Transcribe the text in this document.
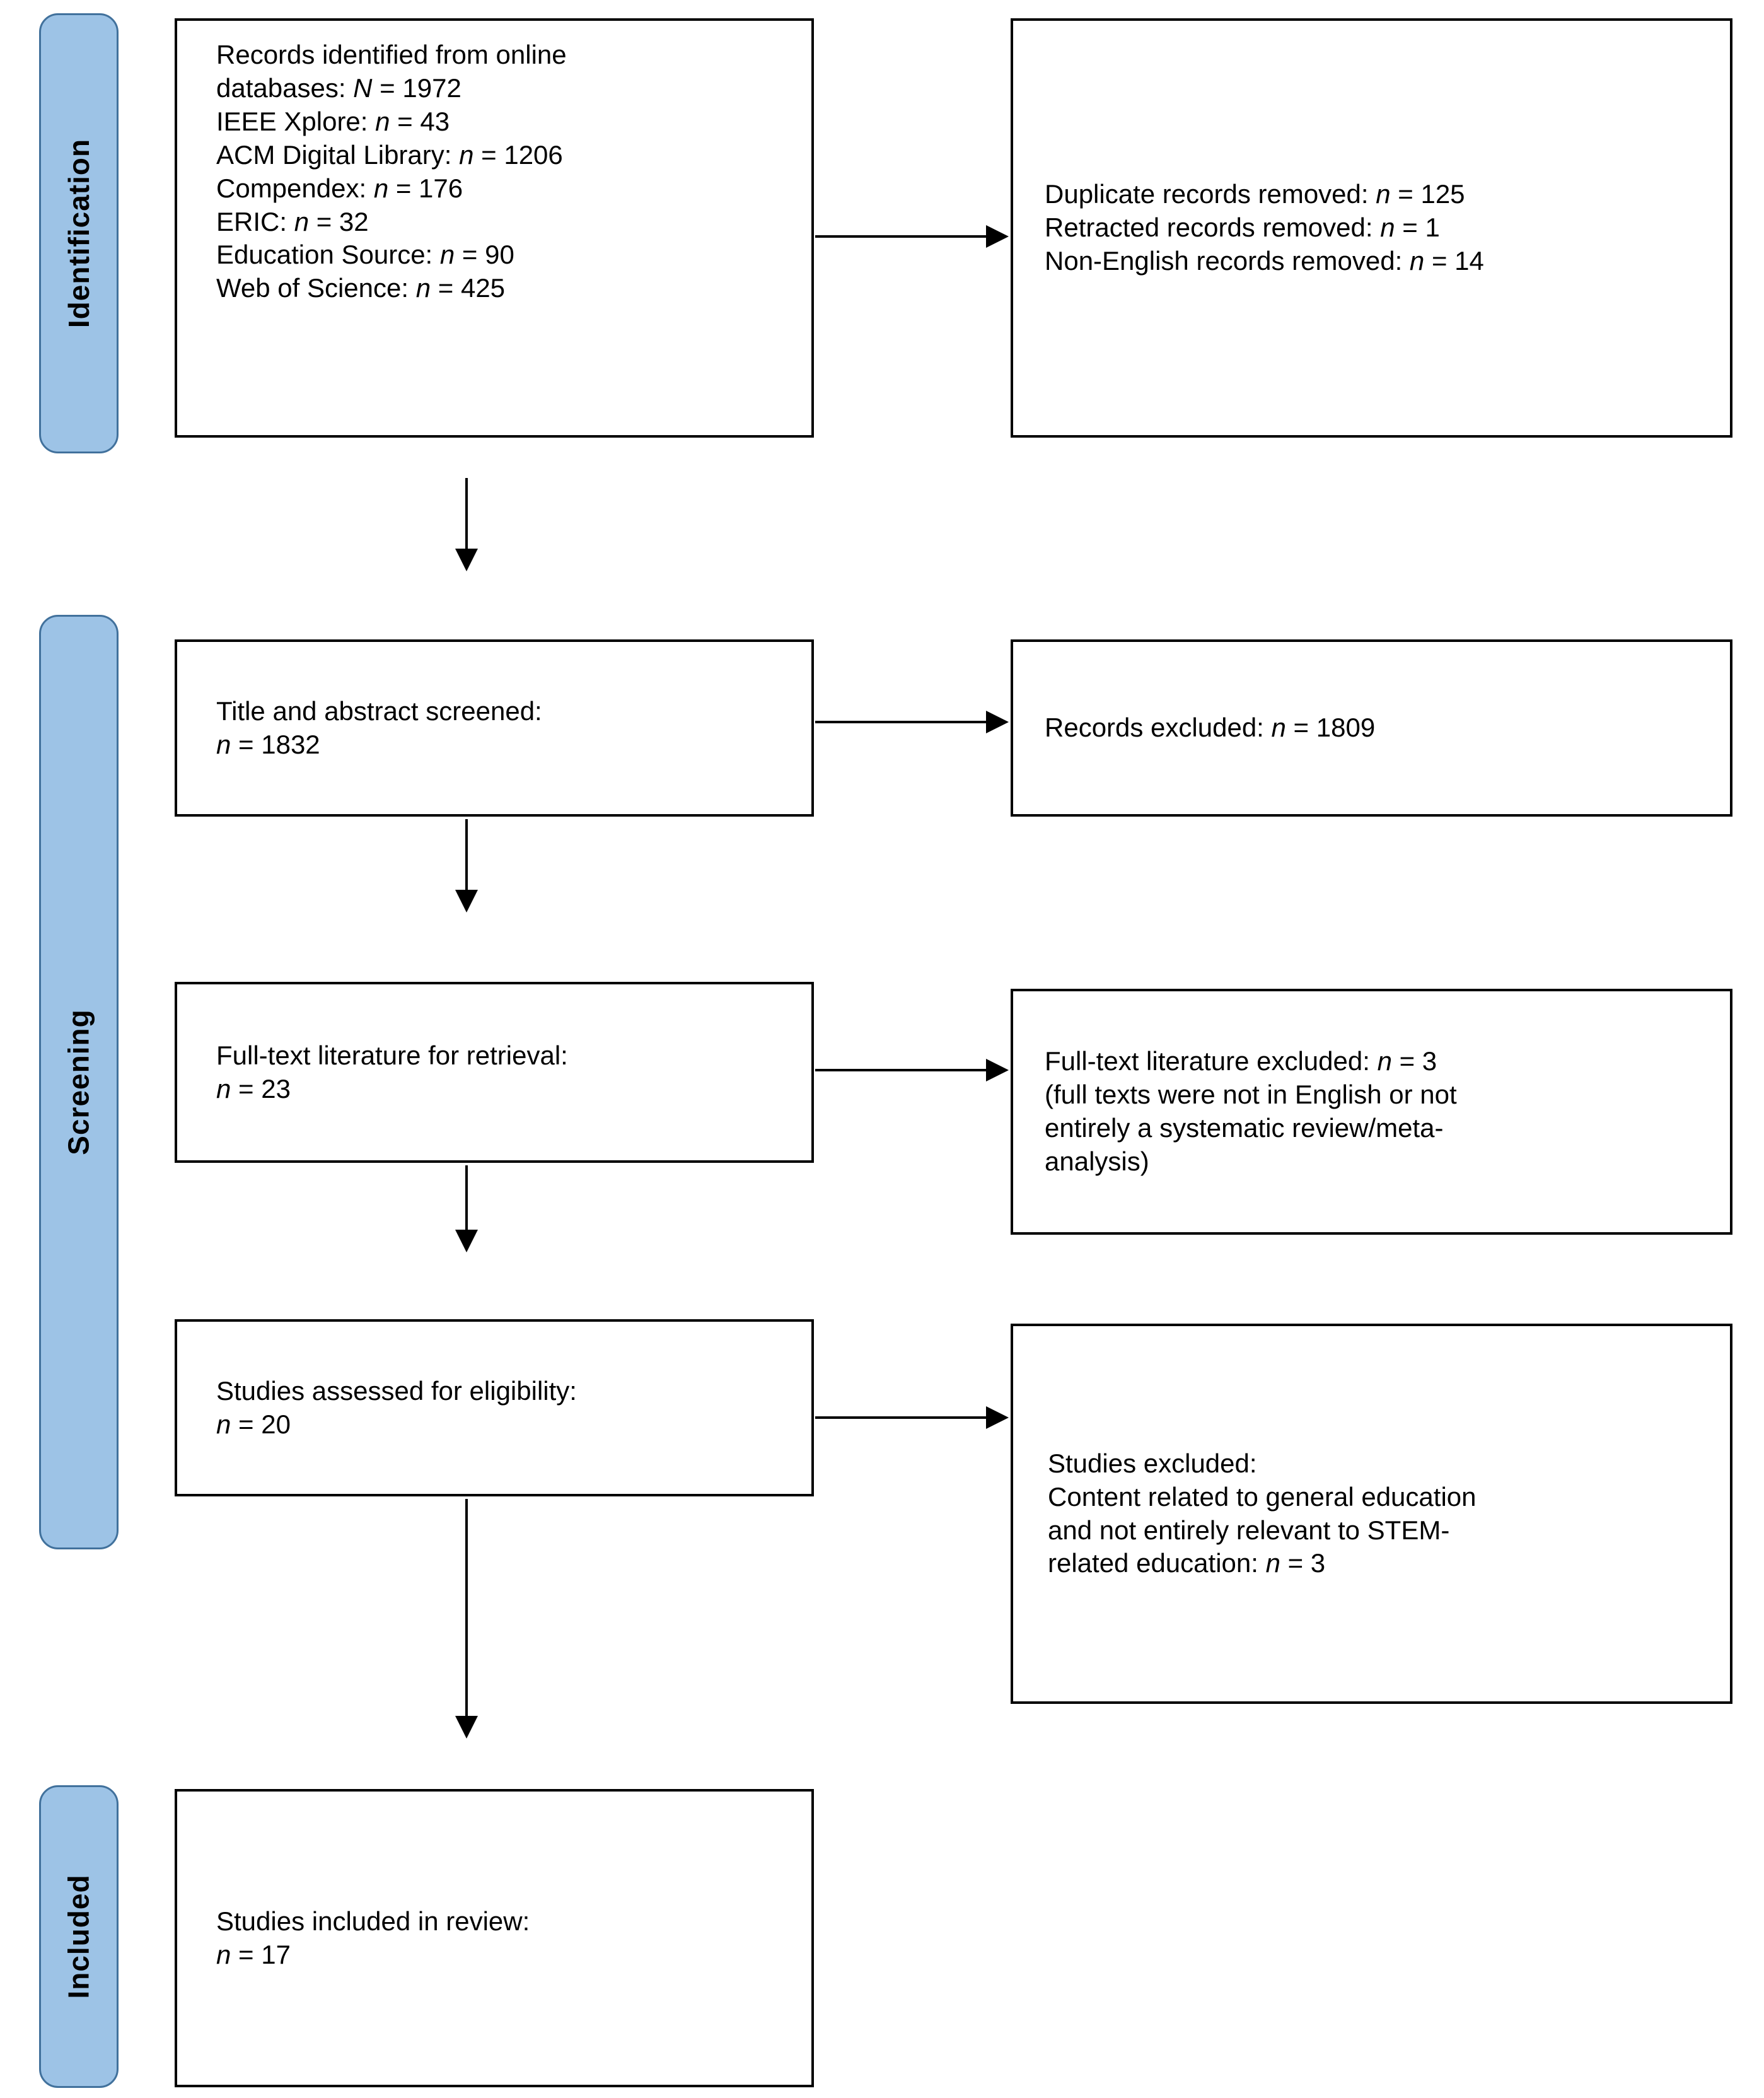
Identification
Screening
Included
Records identified from online
databases: N = 1972
IEEE Xplore: n = 43
ACM Digital Library: n = 1206
Compendex: n = 176
ERIC: n = 32
Education Source: n = 90
Web of Science: n = 425
Title and abstract screened:
n = 1832
Full-text literature for retrieval:
n = 23
Studies assessed for eligibility:
n = 20
Studies included in review:
n = 17
Duplicate records removed: n = 125
Retracted records removed: n = 1
Non-English records removed: n = 14
Records excluded: n = 1809
Full-text literature excluded: n = 3
(full texts were not in English or not
entirely a systematic review/meta-
analysis)
Studies excluded:
Content related to general education
and not entirely relevant to STEM-
related education: n = 3
